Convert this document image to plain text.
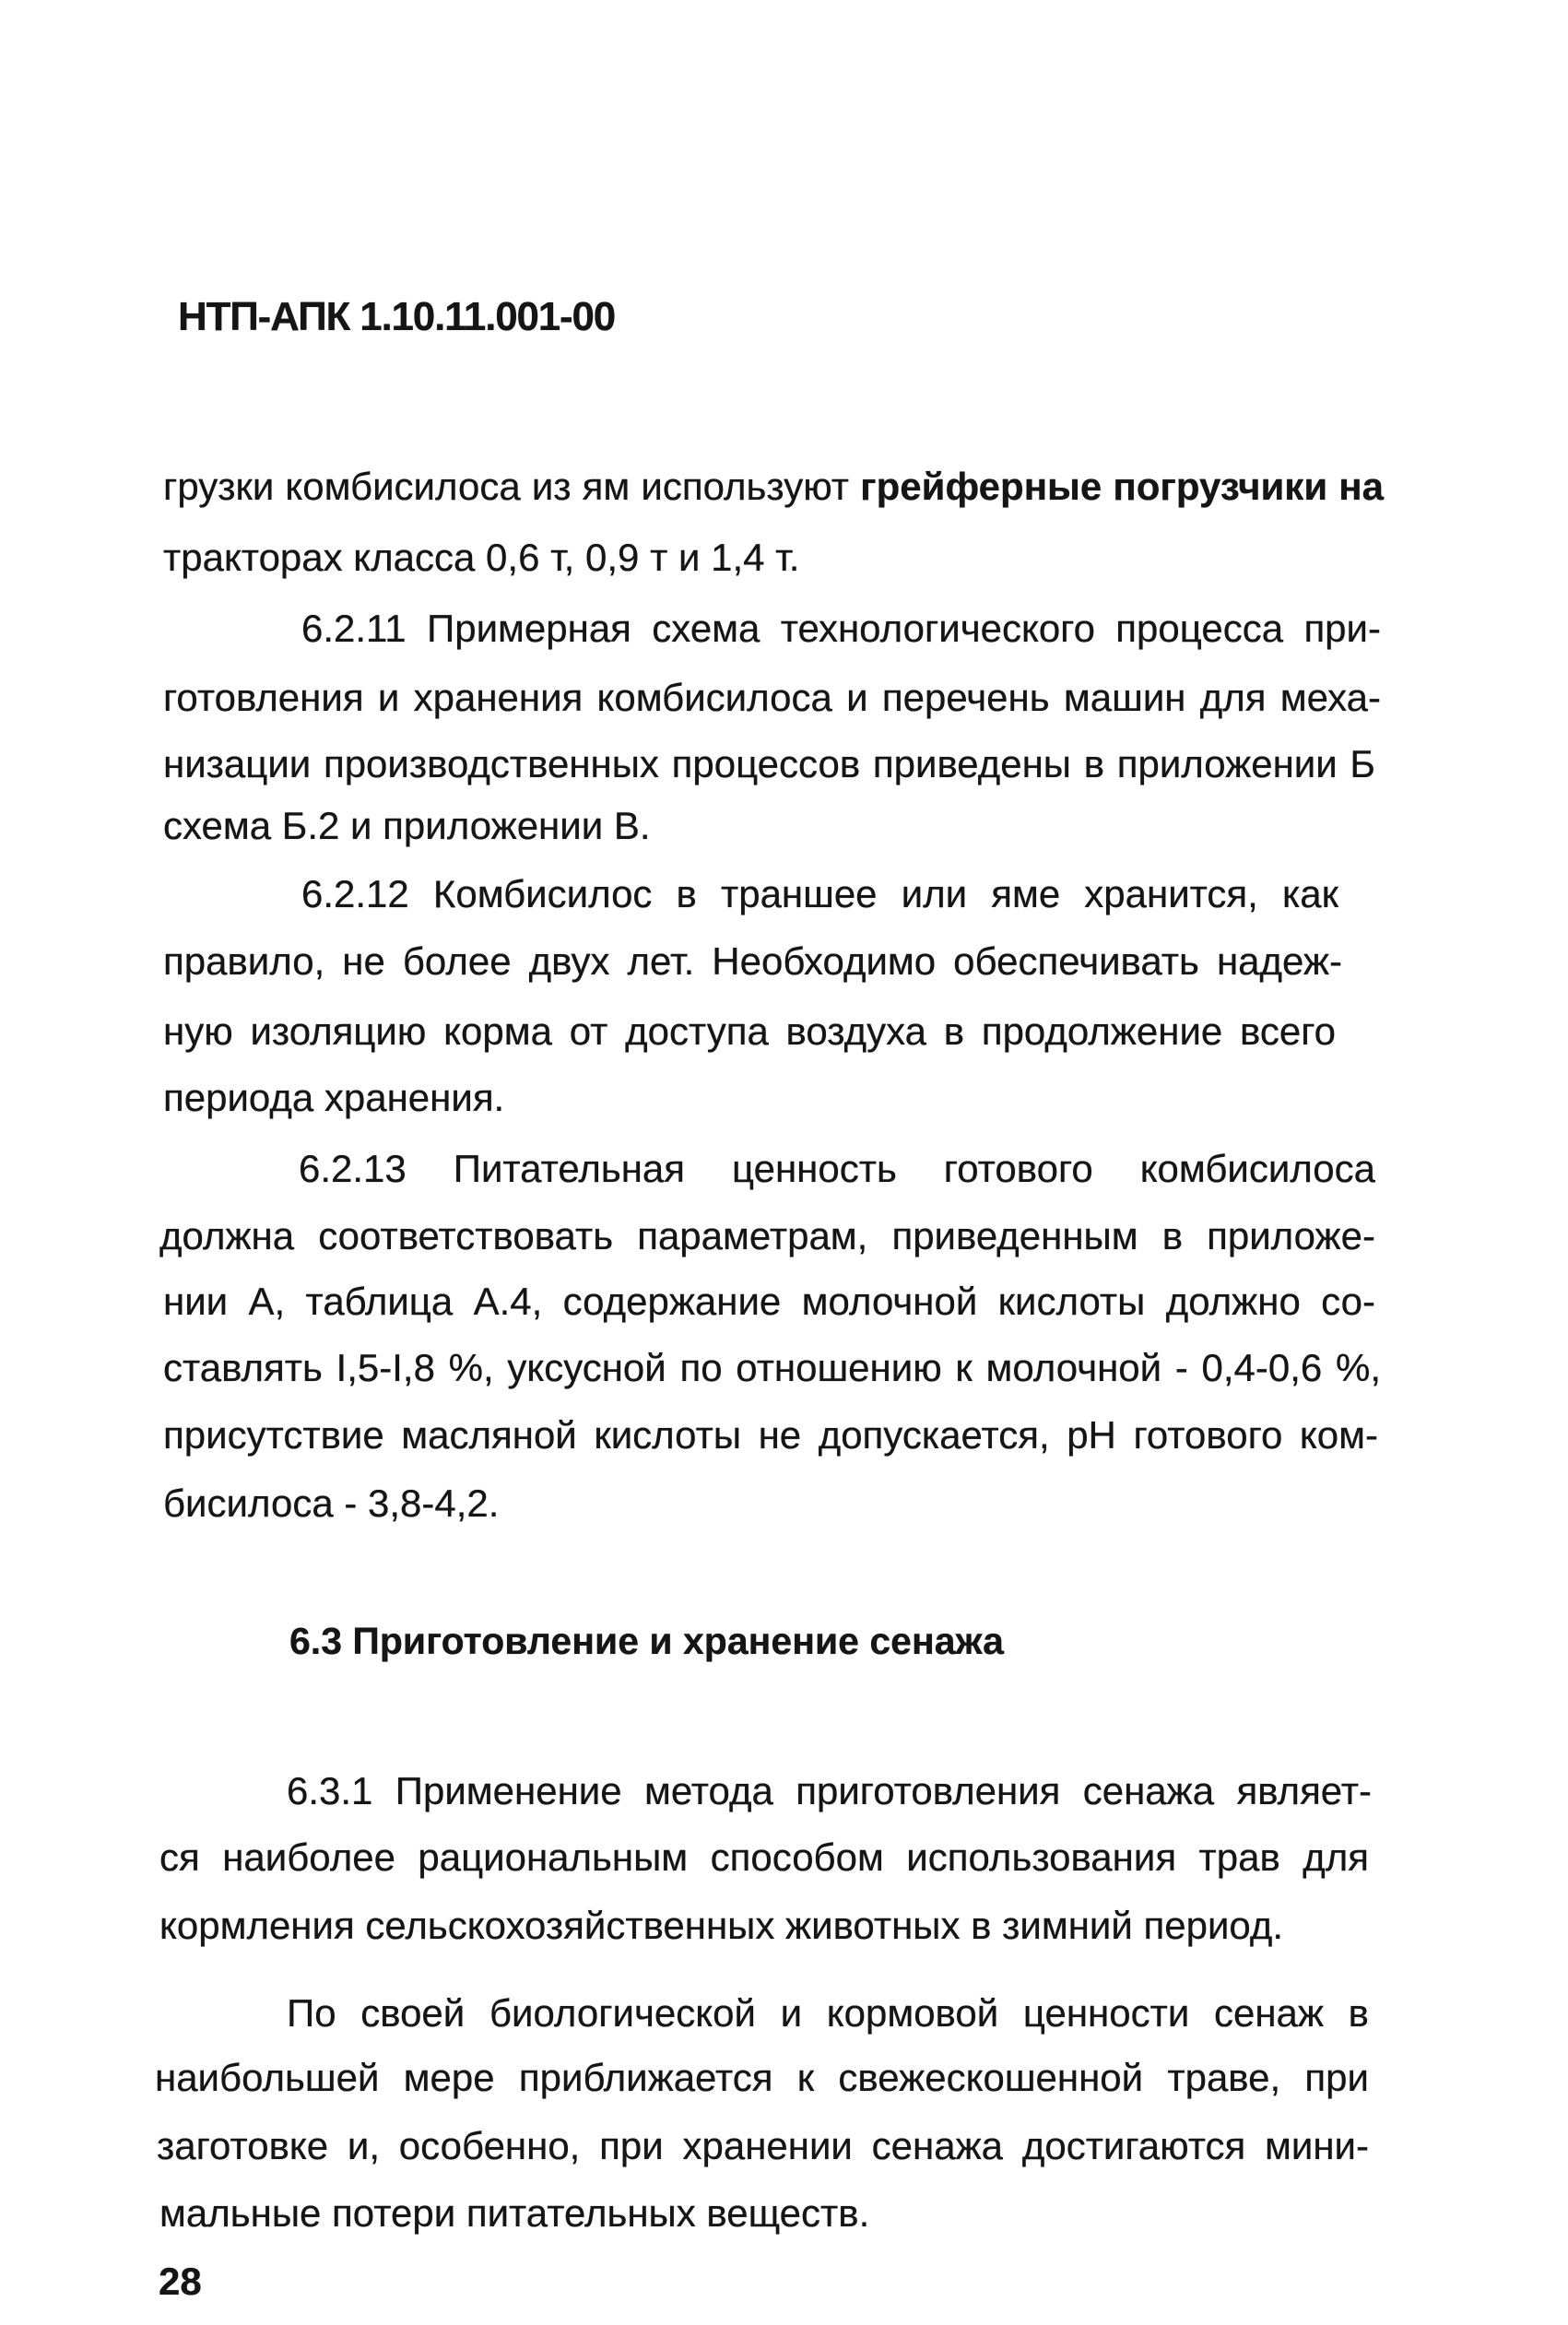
НТП-АПК 1.10.11.001-00
грузки комбисилоса из ям используют грейферные погрузчики на
тракторах класса 0,6 т, 0,9 т и 1,4 т.
6.2.11 Примерная схема технологического процесса при-
готовления и хранения комбисилоса и перечень машин для меха-
низации производственных процессов приведены в приложении Б
схема Б.2 и приложении В.
6.2.12 Комбисилос в траншее или яме хранится, как
правило, не более двух лет. Необходимо обеспечивать надеж-
ную изоляцию корма от доступа воздуха в продолжение всего
периода хранения.
6.2.13 Питательная ценность готового комбисилоса
должна соответствовать параметрам, приведенным в приложе-
нии А, таблица А.4, содержание молочной кислоты должно со-
ставлять I,5-I,8 %, уксусной по отношению к молочной - 0,4-0,6 %,
присутствие масляной кислоты не допускается, pH готового ком-
бисилоса - 3,8-4,2.
6.3 Приготовление и хранение сенажа
6.3.1 Применение метода приготовления сенажа являет-
ся наиболее рациональным способом использования трав для
кормления сельскохозяйственных животных в зимний период.
По своей биологической и кормовой ценности сенаж в
наибольшей мере приближается к свежескошенной траве, при
заготовке и, особенно, при хранении сенажа достигаются мини-
мальные потери питательных веществ.
28
